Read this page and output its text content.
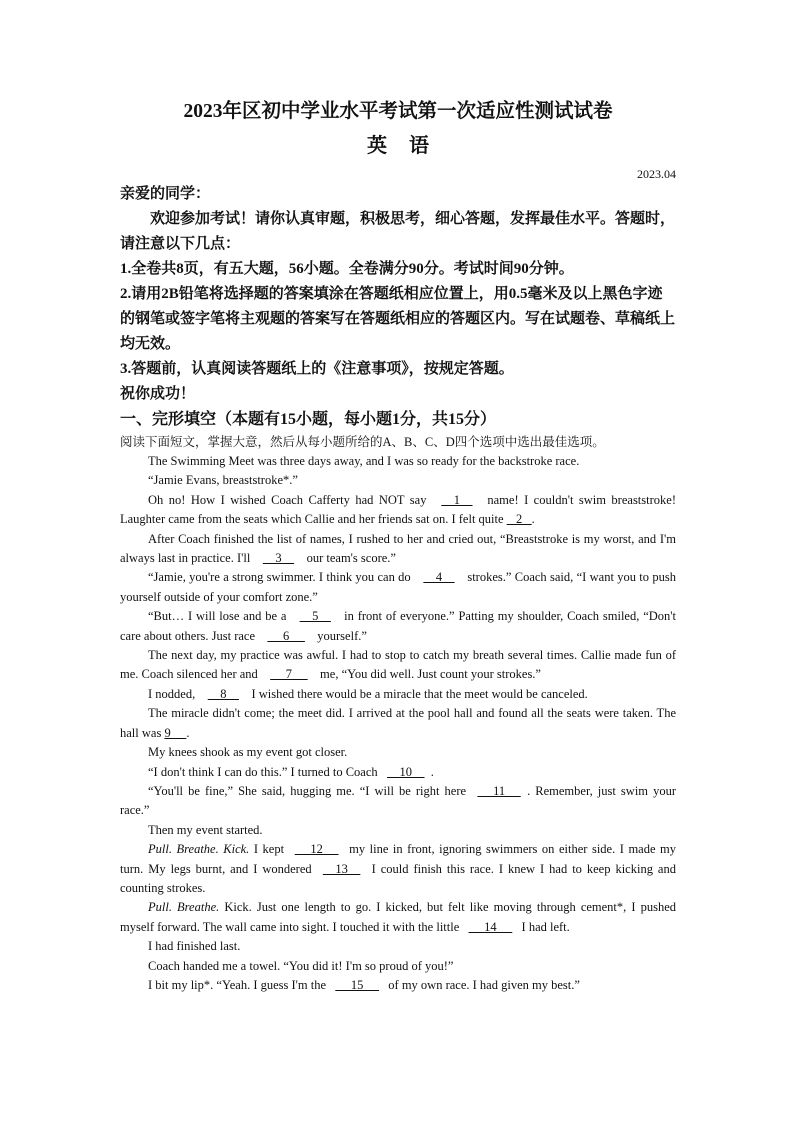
2023年区初中学业水平考试第一次适应性测试试卷

英 语

2023.04

亲爱的同学：

欢迎参加考试！请你认真审题，积极思考，细心答题，发挥最佳水平。答题时，请注意以下几点：

1.全卷共8页，有五大题，56小题。全卷满分90分。考试时间90分钟。

2.请用2B铅笔将选择题的答案填涂在答题纸相应位置上，用0.5毫米及以上黑色字迹的钢笔或签字笔将主观题的答案写在答题纸相应的答题区内。写在试题卷、草稿纸上均无效。

3.答题前，认真阅读答题纸上的《注意事项》，按规定答题。

祝你成功！

一、完形填空（本题有15小题，每小题1分，共15分）

阅读下面短文，掌握大意，然后从每小题所给的A、B、C、D四个选项中选出最佳选项。

The Swimming Meet was three days away, and I was so ready for the backstroke race.

“Jamie Evans, breaststroke*.”

Oh no! How I wished Coach Cafferty had NOT say     1     name! I couldn't swim breaststroke! Laughter came from the seats which Callie and her friends sat on. I felt quite    2   .

After Coach finished the list of names, I rushed to her and cried out, “Breaststroke is my worst, and I'm always last in practice. I'll     3     our team's score.”

“Jamie, you're a strong swimmer. I think you can do     4     strokes.” Coach said, “I want you to push yourself outside of your comfort zone.”

“But… I will lose and be a     5     in front of everyone.” Patting my shoulder, Coach smiled, “Don't care about others. Just race      6      yourself.”

The next day, my practice was awful. I had to stop to catch my breath several times. Callie made fun of me. Coach silenced her and      7      me, “You did well. Just count your strokes.”

I nodded,     8     I wished there would be a miracle that the meet would be canceled.

The miracle didn't come; the meet did. I arrived at the pool hall and found all the seats were taken. The hall was 9     .

My knees shook as my event got closer.

“I don't think I can do this.” I turned to Coach     10    .

“You'll be fine,” She said, hugging me. “I will be right here      11     . Remember, just swim your race.”

Then my event started.

Pull. Breathe. Kick. I kept      12      my line in front, ignoring swimmers on either side. I made my turn. My legs burnt, and I wondered     13     I could finish this race. I knew I had to keep kicking and counting strokes.

Pull. Breathe. Kick. Just one length to go. I kicked, but felt like moving through cement*, I pushed myself forward. The wall came into sight. I touched it with the little      14      I had left.

I had finished last.

Coach handed me a towel. “You did it! I'm so proud of you!”

I bit my lip*. “Yeah. I guess I'm the      15      of my own race. I had given my best.”
